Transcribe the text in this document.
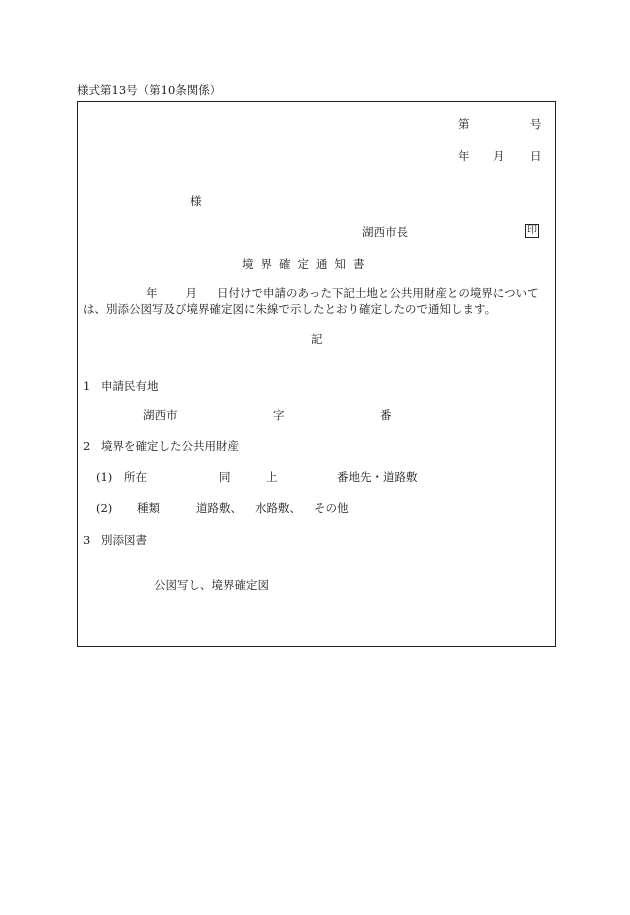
様式第13号（第10条関係）
第	号
年 月 日
様
湖西市長	印
境界確定通知書
年 月 日付けで申請のあった下記土地と公共用財産との境界について
は、別添公図写及び境界確定図に朱線で示したとおり確定したので通知します。
記
1 申請民有地
湖西市	字	番
2 境界を確定した公共用財産
(1) 所在	同	上	番地先・道路敷
(2) 種類	道路敷、 水路敷、 その他
3 別添図書
公図写し、境界確定図
